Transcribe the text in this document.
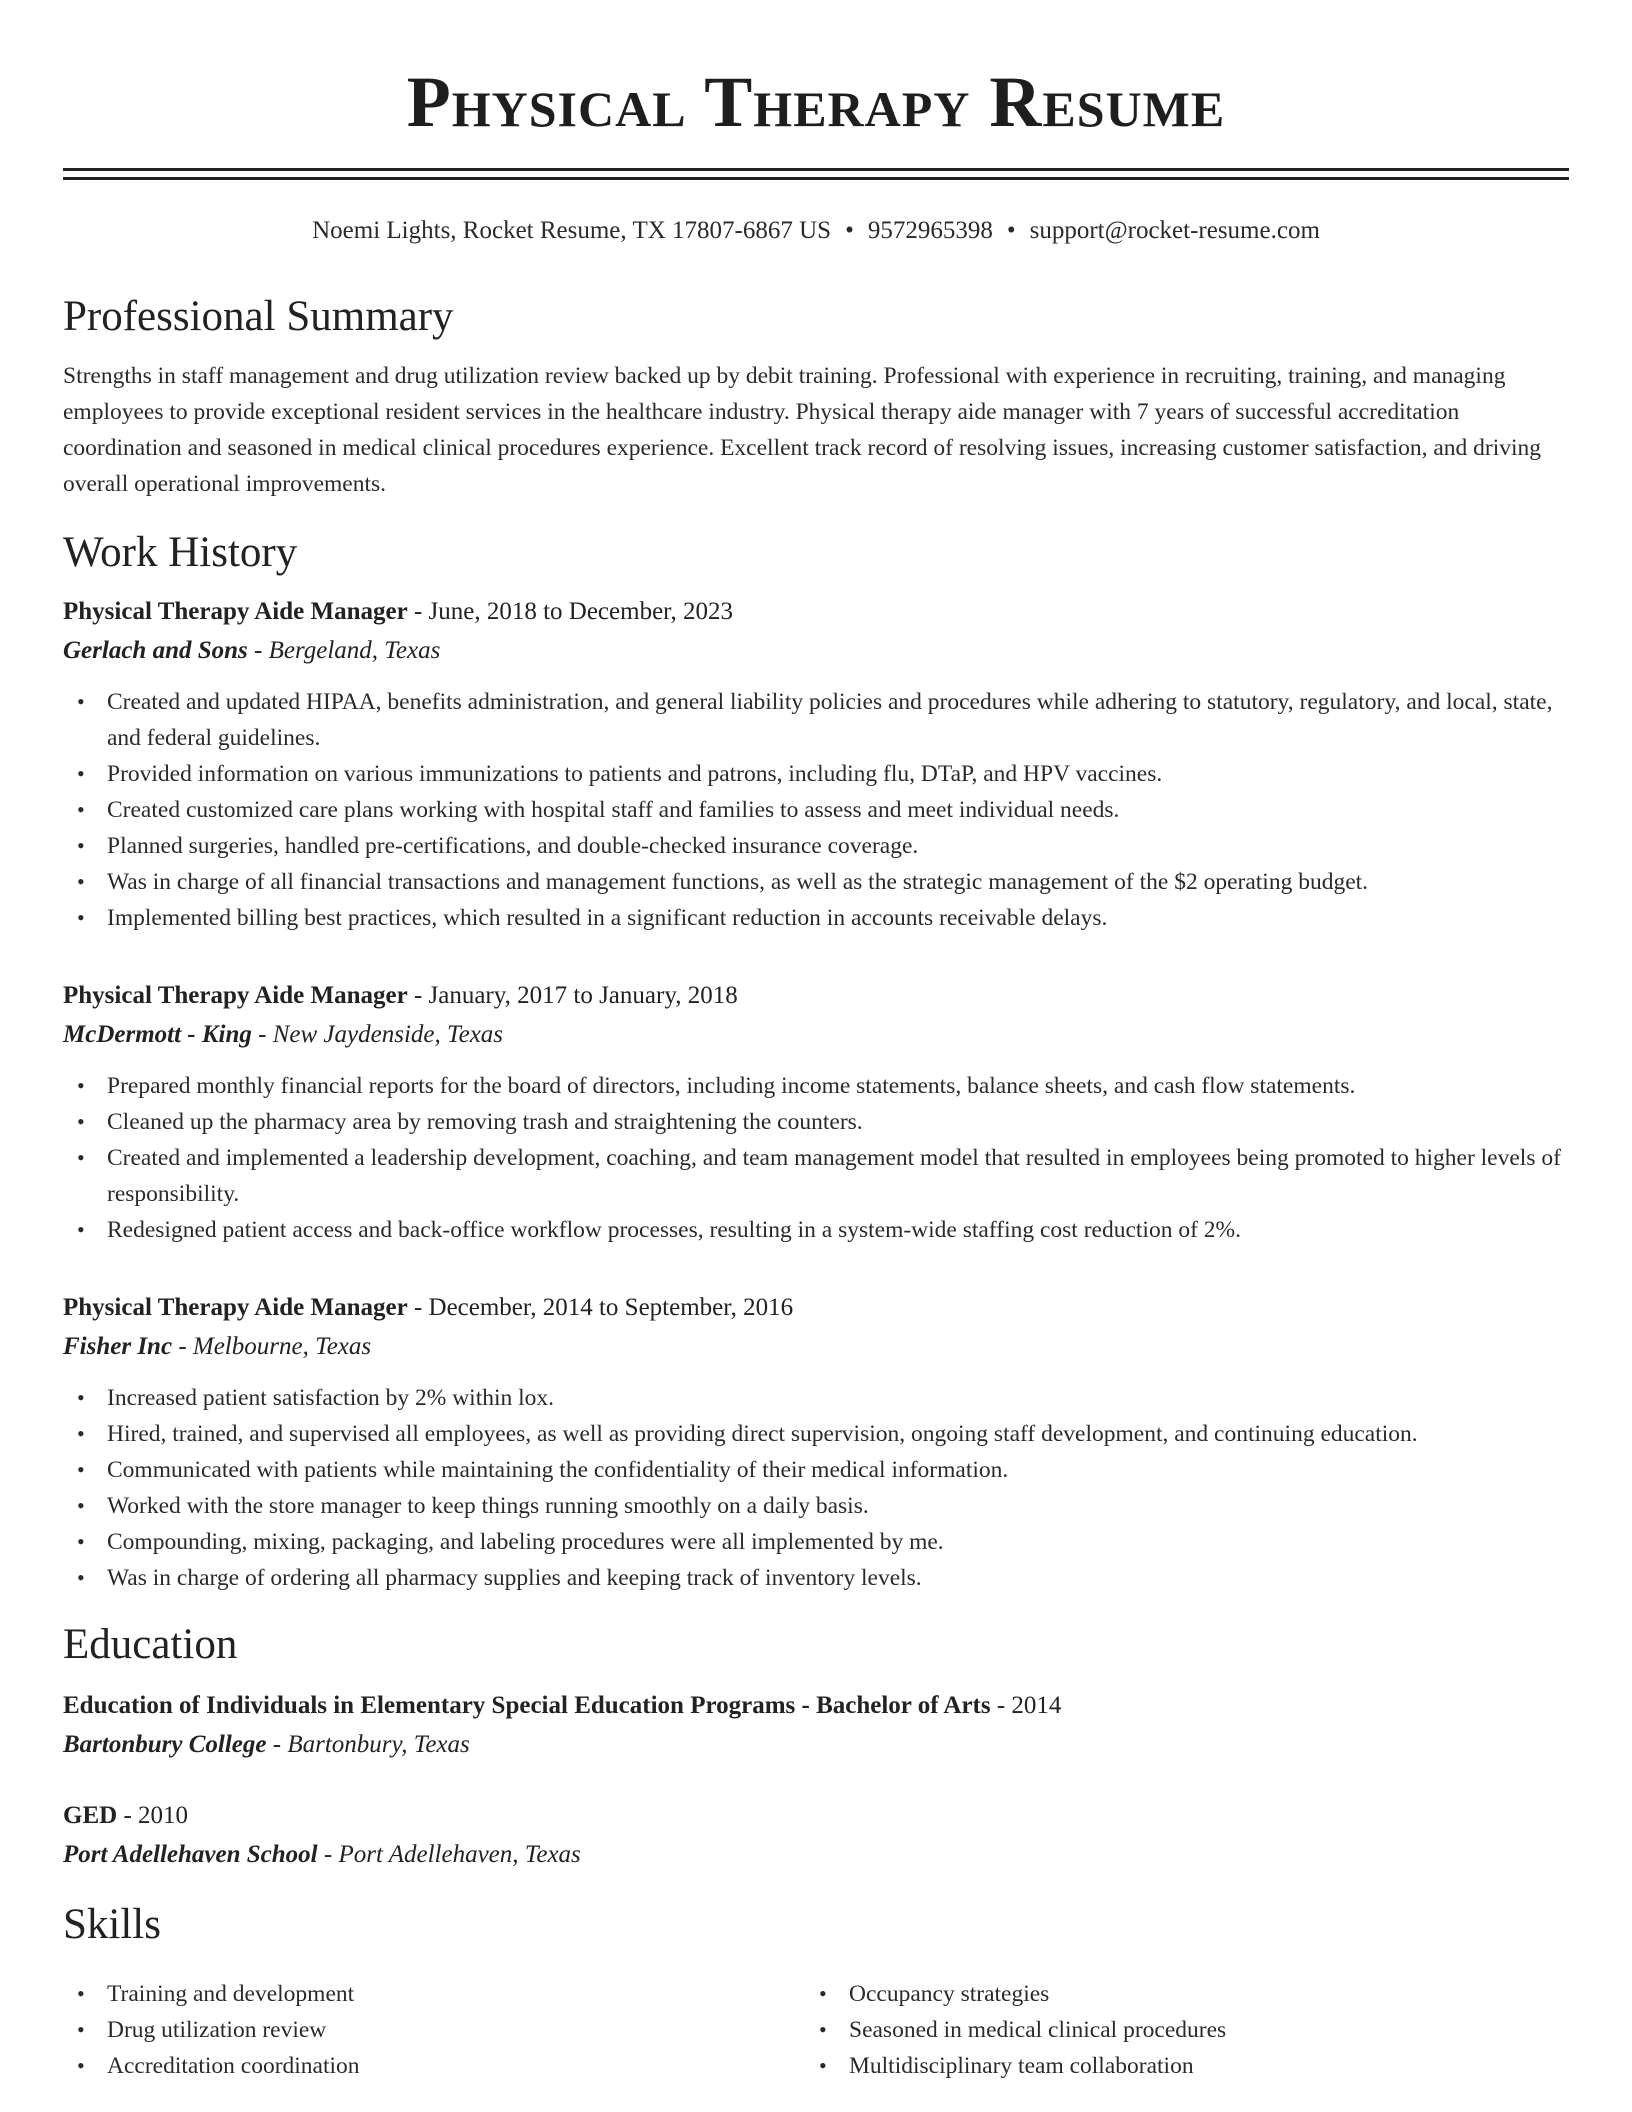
Physical Therapy Resume
Noemi Lights, Rocket Resume, TX 17807-6867 US • 9572965398 • support@rocket-resume.com
Professional Summary

Strengths in staff management and drug utilization review backed up by debit training. Professional with experience in recruiting, training, and managing employees to provide exceptional resident services in the healthcare industry. Physical therapy aide manager with 7 years of successful accreditation coordination and seasoned in medical clinical procedures experience. Excellent track record of resolving issues, increasing customer satisfaction, and driving overall operational improvements.

Work History
Physical Therapy Aide Manager - June, 2018 to December, 2023
Gerlach and Sons - Bergeland, Texas
• Created and updated HIPAA, benefits administration, and general liability policies and procedures while adhering to statutory, regulatory, and local, state, and federal guidelines.
• Provided information on various immunizations to patients and patrons, including flu, DTaP, and HPV vaccines.
• Created customized care plans working with hospital staff and families to assess and meet individual needs.
• Planned surgeries, handled pre-certifications, and double-checked insurance coverage.
• Was in charge of all financial transactions and management functions, as well as the strategic management of the $2 operating budget.
• Implemented billing best practices, which resulted in a significant reduction in accounts receivable delays.
Physical Therapy Aide Manager - January, 2017 to January, 2018
McDermott - King - New Jaydenside, Texas
• Prepared monthly financial reports for the board of directors, including income statements, balance sheets, and cash flow statements.
• Cleaned up the pharmacy area by removing trash and straightening the counters.
• Created and implemented a leadership development, coaching, and team management model that resulted in employees being promoted to higher levels of responsibility.
• Redesigned patient access and back-office workflow processes, resulting in a system-wide staffing cost reduction of 2%.
Physical Therapy Aide Manager - December, 2014 to September, 2016
Fisher Inc - Melbourne, Texas
• Increased patient satisfaction by 2% within lox.
• Hired, trained, and supervised all employees, as well as providing direct supervision, ongoing staff development, and continuing education.
• Communicated with patients while maintaining the confidentiality of their medical information.
• Worked with the store manager to keep things running smoothly on a daily basis.
• Compounding, mixing, packaging, and labeling procedures were all implemented by me.
• Was in charge of ordering all pharmacy supplies and keeping track of inventory levels.
Education
Education of Individuals in Elementary Special Education Programs - Bachelor of Arts - 2014
Bartonbury College - Bartonbury, Texas
GED - 2010
Port Adellehaven School - Port Adellehaven, Texas
Skills
• Training and development
• Drug utilization review
• Accreditation coordination
• Occupancy strategies
• Seasoned in medical clinical procedures
• Multidisciplinary team collaboration
